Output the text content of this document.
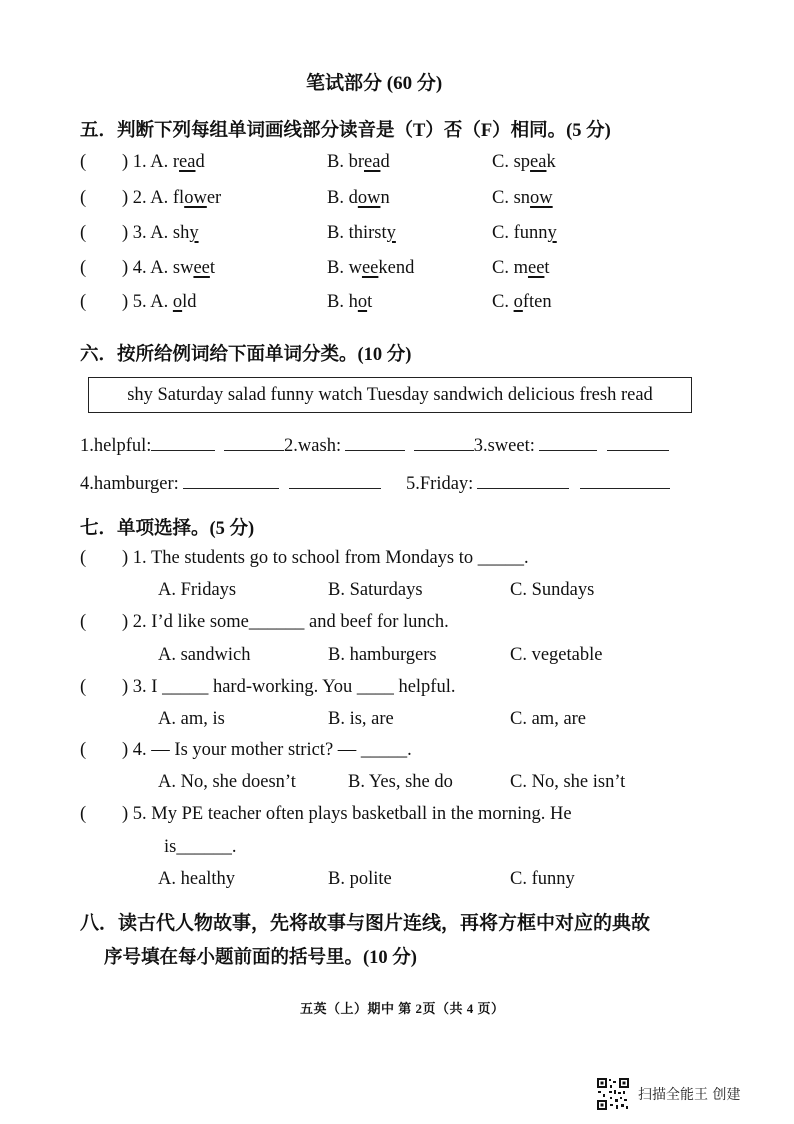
笔试部分 (60 分)
五．判断下列每组单词画线部分读音是（T）否（F）相同。(5 分)
( ) 1. A. read	B. bread	C. speak
( ) 2. A. flower	B. down	C. snow
( ) 3. A. shy	B. thirsty	C. funny
( ) 4. A. sweet	B. weekend	C. meet
( ) 5. A. old	B. hot	C. often
六．按所给例词给下面单词分类。(10 分)
shy Saturday salad funny watch Tuesday sandwich delicious fresh read
1.helpful:	2.wash:	3.sweet:
4.hamburger:	5.Friday:
七．单项选择。(5 分)
( ) 1. The students go to school from Mondays to _____.
A. Fridays	B. Saturdays	C. Sundays
( ) 2. I’d like some______ and beef for lunch.
A. sandwich	B. hamburgers	C. vegetable
( ) 3. I _____ hard-working. You ____ helpful.
A. am, is	B. is, are	C. am, are
( ) 4. — Is your mother strict? — _____.
A. No, she doesn’t	B. Yes, she do	C. No, she isn’t
( ) 5. My PE teacher often plays basketball in the morning. He
is______.
A. healthy	B. polite	C. funny
八．读古代人物故事，先将故事与图片连线，再将方框中对应的典故
序号填在每小题前面的括号里。(10 分)
五英（上）期中 第 2页（共 4 页）
扫描全能王 创建
